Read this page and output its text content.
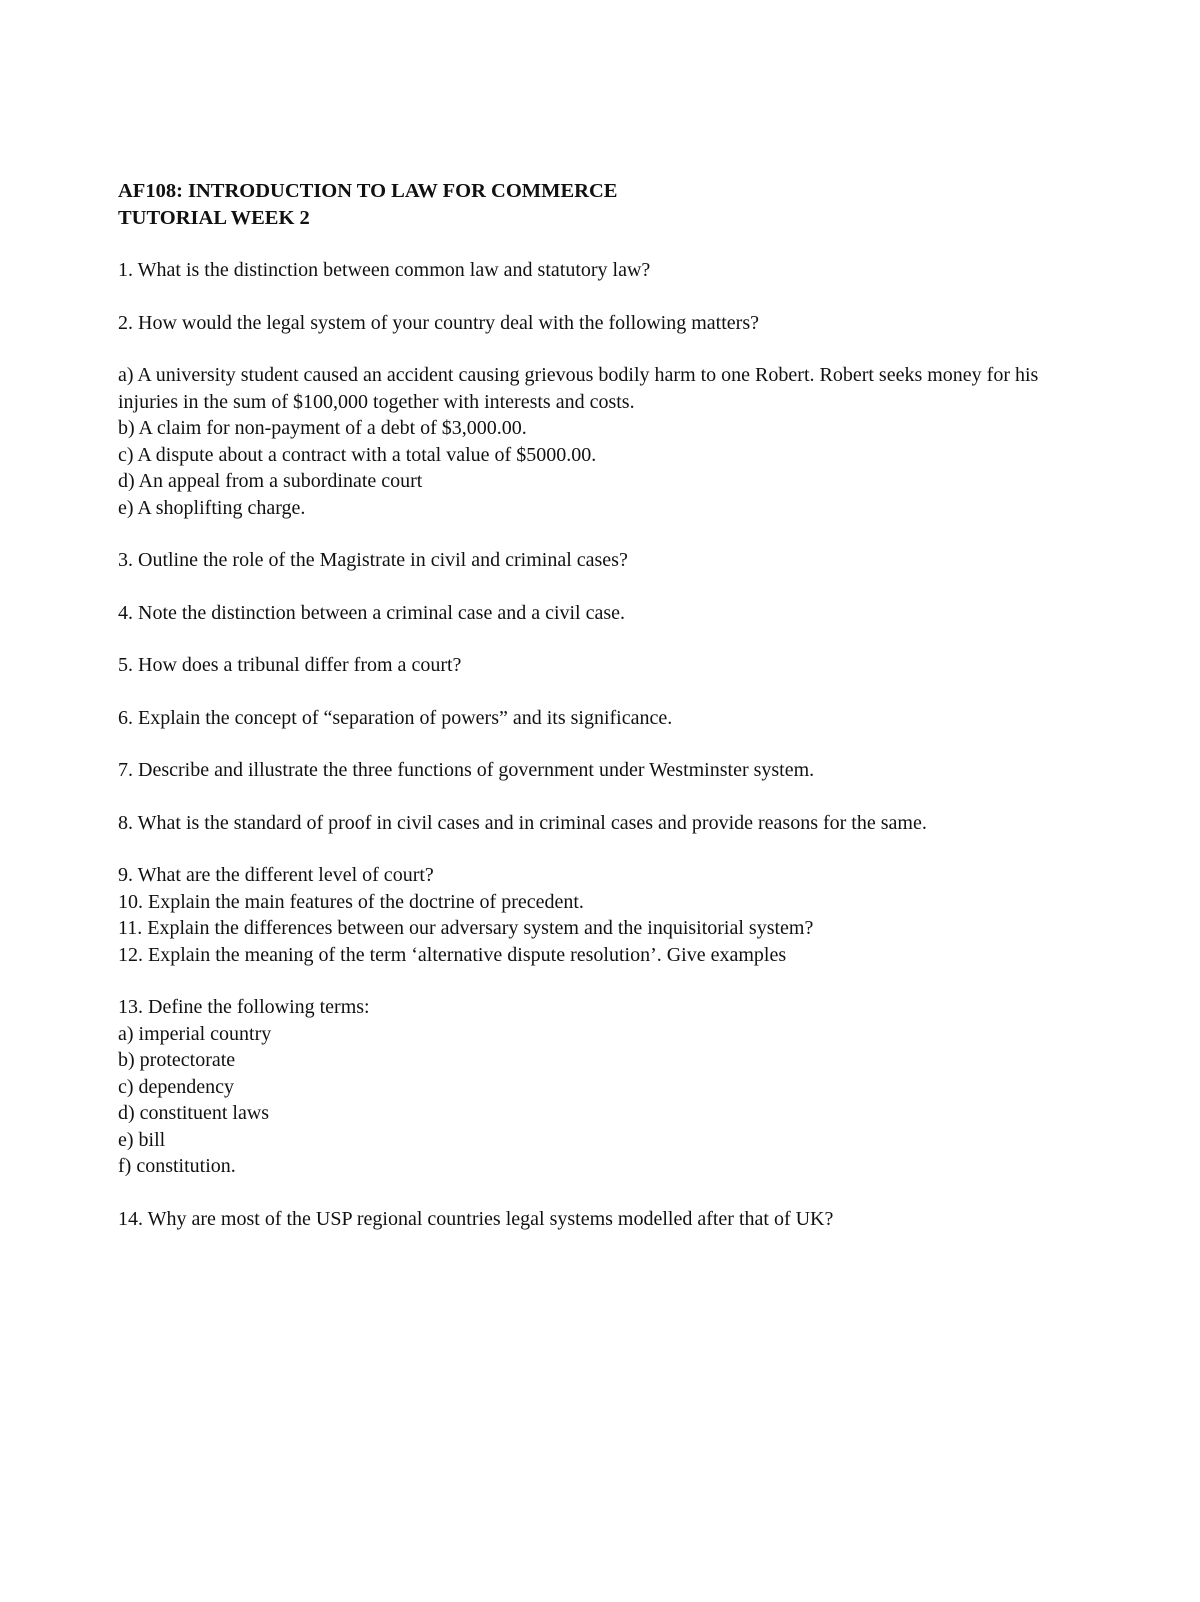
AF108: INTRODUCTION TO LAW FOR COMMERCE
TUTORIAL WEEK 2
1. What is the distinction between common law and statutory law?
2. How would the legal system of your country deal with the following matters?
a) A university student caused an accident causing grievous bodily harm to one Robert. Robert seeks money for his injuries in the sum of $100,000 together with interests and costs.
b) A claim for non-payment of a debt of $3,000.00.
c) A dispute about a contract with a total value of $5000.00.
d) An appeal from a subordinate court
e) A shoplifting charge.
3. Outline the role of the Magistrate in civil and criminal cases?
4. Note the distinction between a criminal case and a civil case.
5. How does a tribunal differ from a court?
6. Explain the concept of “separation of powers” and its significance.
7. Describe and illustrate the three functions of government under Westminster system.
8. What is the standard of proof in civil cases and in criminal cases and provide reasons for the same.
9. What are the different level of court?
10. Explain the main features of the doctrine of precedent.
11. Explain the differences between our adversary system and the inquisitorial system?
12. Explain the meaning of the term ‘alternative dispute resolution’. Give examples
13. Define the following terms:
a) imperial country
b) protectorate
c) dependency
d) constituent laws
e) bill
f) constitution.
14. Why are most of the USP regional countries legal systems modelled after that of UK?
